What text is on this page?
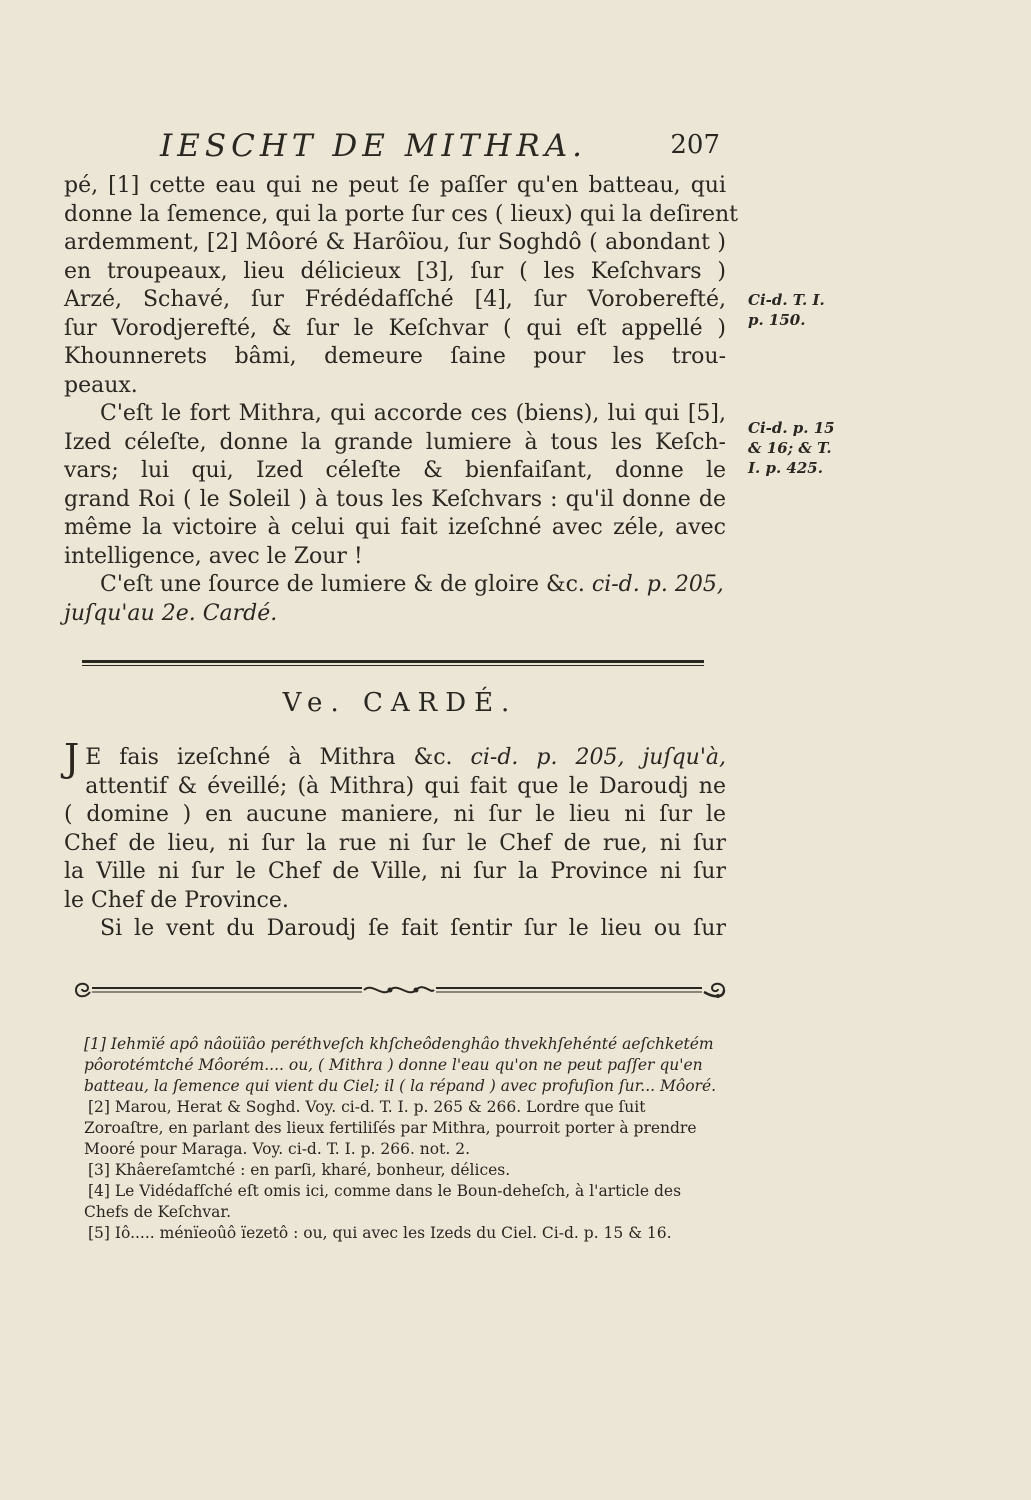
IESCHT DE MITHRA.	207
pé, [1] cette eau qui ne peut ſe paſſer qu'en batteau, qui
donne la ſemence, qui la porte ſur ces ( lieux) qui la deſirent
ardemment, [2] Môoré & Harôïou, ſur Soghdô ( abondant )
en troupeaux, lieu délicieux [3], ſur ( les Keſchvars )
Arzé, Schavé, ſur Frédédafſché [4], ſur Voroberefté,
ſur Vorodjerefté, & ſur le Keſchvar ( qui eſt appellé )
Khounnerets bâmi, demeure ſaine pour les trou-
peaux.
C'eſt le fort Mithra, qui accorde ces (biens), lui qui [5],
Ized céleſte, donne la grande lumiere à tous les Keſch-
vars; lui qui, Ized céleſte & bienfaiſant, donne le
grand Roi ( le Soleil ) à tous les Keſchvars : qu'il donne de
même la victoire à celui qui fait izeſchné avec zéle, avec
intelligence, avec le Zour !
C'eſt une ſource de lumiere & de gloire &c. ci-d. p. 205,
juſqu'au 2e. Cardé.
Ci-d. T. I.
p. 150.
Ci-d. p. 15
& 16; & T.
I. p. 425.
Ve. CARDÉ.
J E fais izeſchné à Mithra &c. ci-d. p. 205, juſqu'à,
attentif & éveillé; (à Mithra) qui fait que le Daroudj ne
( domine ) en aucune maniere, ni ſur le lieu ni ſur le
Chef de lieu, ni ſur la rue ni ſur le Chef de rue, ni ſur
la Ville ni ſur le Chef de Ville, ni ſur la Province ni ſur
le Chef de Province.
Si le vent du Daroudj ſe fait ſentir ſur le lieu ou ſur
[1] Iehmïé apô nâoüïâo peréthveſch khſcheôdenghâo thvekhſehénté aeſchketém
pôorotémtché Môorém.... ou, ( Mithra ) donne l'eau qu'on ne peut paſſer qu'en
batteau, la ſemence qui vient du Ciel; il ( la répand ) avec profuſion ſur... Môoré.
[2] Marou, Herat & Soghd. Voy. ci-d. T. I. p. 265 & 266. Lordre que ſuit
Zoroaſtre, en parlant des lieux fertiliſés par Mithra, pourroit porter à prendre
Mooré pour Maraga. Voy. ci-d. T. I. p. 266. not. 2.
[3] Khâereſamtché : en parſi, kharé, bonheur, délices.
[4] Le Vidédafſché eſt omis ici, comme dans le Boun-deheſch, à l'article des
Chefs de Keſchvar.
[5] Iô..... ménïeoûô ïezetô : ou, qui avec les Izeds du Ciel. Ci-d. p. 15 & 16.
